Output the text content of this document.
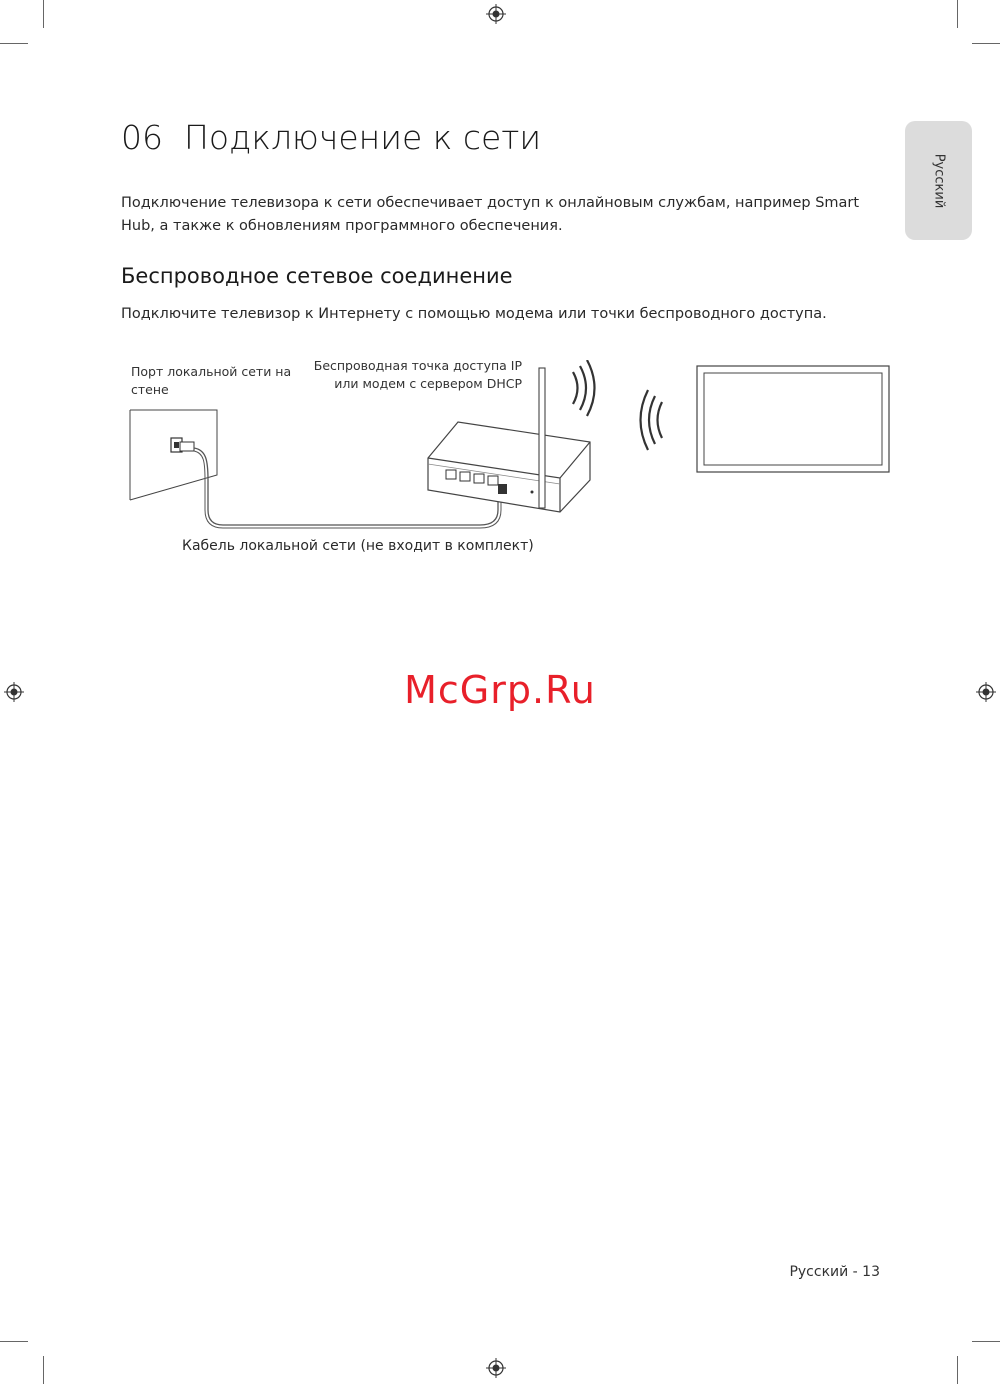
Русский
06 Подключение к сети
Подключение телевизора к сети обеспечивает доступ к онлайновым службам, например Smart Hub, а также к обновлениям программного обеспечения.
Беспроводное сетевое соединение
Подключите телевизор к Интернету с помощью модема или точки беспроводного доступа.
Порт локальной сети на стене
Беспроводная точка доступа IP или модем с сервером DHCP
Кабель локальной сети (не входит в комплект)
McGrp.Ru
Русский - 13
